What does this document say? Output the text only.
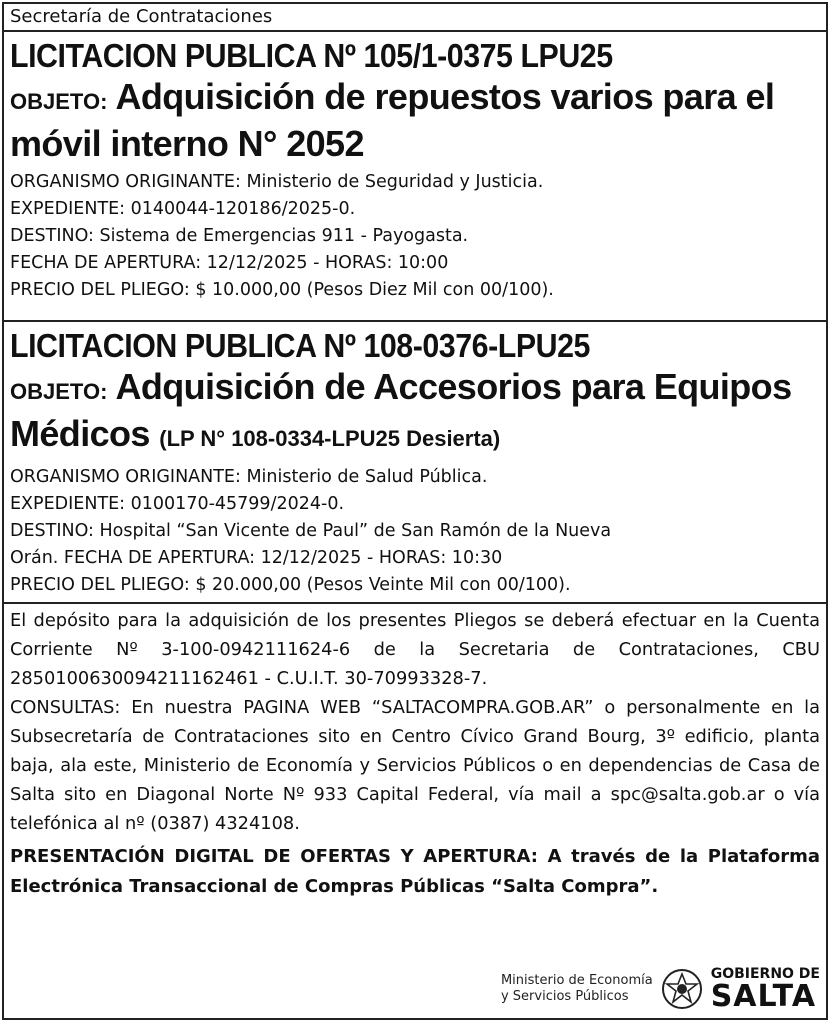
Secretaría de Contrataciones
LICITACION PUBLICA Nº 105/1-0375 LPU25
OBJETO: Adquisición de repuestos varios para el móvil interno N° 2052
ORGANISMO ORIGINANTE: Ministerio de Seguridad y Justicia.
EXPEDIENTE: 0140044-120186/2025-0.
DESTINO: Sistema de Emergencias 911 - Payogasta.
FECHA DE APERTURA: 12/12/2025 - HORAS: 10:00
PRECIO DEL PLIEGO: $ 10.000,00 (Pesos Diez Mil con 00/100).
LICITACION PUBLICA Nº 108-0376-LPU25
OBJETO: Adquisición de Accesorios para Equipos Médicos (LP N° 108-0334-LPU25 Desierta)
ORGANISMO ORIGINANTE: Ministerio de Salud Pública.
EXPEDIENTE: 0100170-45799/2024-0.
DESTINO: Hospital “San Vicente de Paul” de San Ramón de la Nueva
Orán. FECHA DE APERTURA: 12/12/2025 - HORAS: 10:30
PRECIO DEL PLIEGO: $ 20.000,00 (Pesos Veinte Mil con 00/100).
El depósito para la adquisición de los presentes Pliegos se deberá efectuar en la Cuenta Corriente Nº 3-100-0942111624-6 de la Secretaria de Contrataciones, CBU 2850100630094211162461 - C.U.I.T. 30-70993328-7.
CONSULTAS: En nuestra PAGINA WEB “SALTACOMPRA.GOB.AR” o personalmente en la Subsecretaría de Contrataciones sito en Centro Cívico Grand Bourg, 3º edificio, planta baja, ala este, Ministerio de Economía y Servicios Públicos o en dependencias de Casa de Salta sito en Diagonal Norte Nº 933 Capital Federal, vía mail a spc@salta.gob.ar o vía telefónica al nº (0387) 4324108.
PRESENTACIÓN DIGITAL DE OFERTAS Y APERTURA: A través de la Plataforma Electrónica Transaccional de Compras Públicas “Salta Compra”.
Ministerio de Economía
y Servicios Públicos
GOBIERNO DE
SALTA
